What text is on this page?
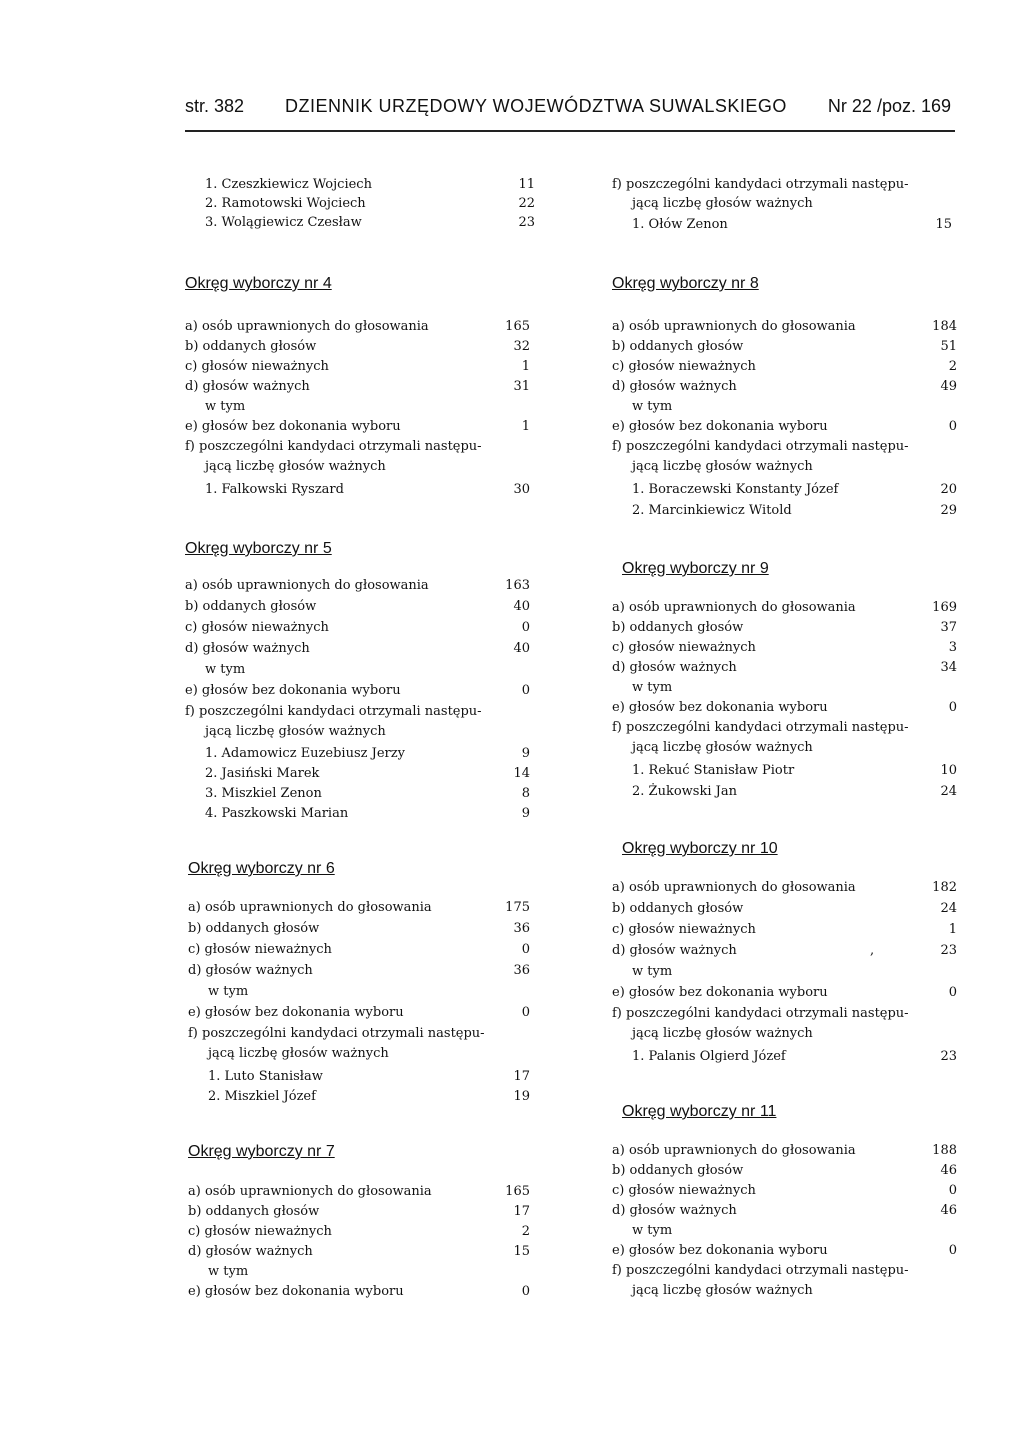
str. 382 DZIENNIK URZĘDOWY WOJEWÓDZTWA SUWALSKIEGO Nr 22 /poz. 169
1. Czeszkiewicz Wojciech	11
2. Ramotowski Wojciech	22
3. Wolągiewicz Czesław	23
f) poszczególni kandydaci otrzymali następu-
jącą liczbę głosów ważnych
1. Ołów Zenon	15
Okręg wyborczy nr 4
a) osób uprawnionych do głosowania	165
b) oddanych głosów	32
c) głosów nieważnych	1
d) głosów ważnych	31
w tym
e) głosów bez dokonania wyboru	1
f) poszczególni kandydaci otrzymali następu-
jącą liczbę głosów ważnych
1. Falkowski Ryszard	30
Okręg wyborczy nr 5
a) osób uprawnionych do głosowania	163
b) oddanych głosów	40
c) głosów nieważnych	0
d) głosów ważnych	40
w tym
e) głosów bez dokonania wyboru	0
f) poszczególni kandydaci otrzymali następu-
jącą liczbę głosów ważnych
1. Adamowicz Euzebiusz Jerzy	9
2. Jasiński Marek	14
3. Miszkiel Zenon	8
4. Paszkowski Marian	9
Okręg wyborczy nr 6
a) osób uprawnionych do głosowania	175
b) oddanych głosów	36
c) głosów nieważnych	0
d) głosów ważnych	36
w tym
e) głosów bez dokonania wyboru	0
f) poszczególni kandydaci otrzymali następu-
jącą liczbę głosów ważnych
1. Luto Stanisław	17
2. Miszkiel Józef	19
Okręg wyborczy nr 7
a) osób uprawnionych do głosowania	165
b) oddanych głosów	17
c) głosów nieważnych	2
d) głosów ważnych	15
w tym
e) głosów bez dokonania wyboru	0
Okręg wyborczy nr 8
a) osób uprawnionych do głosowania	184
b) oddanych głosów	51
c) głosów nieważnych	2
d) głosów ważnych	49
w tym
e) głosów bez dokonania wyboru	0
f) poszczególni kandydaci otrzymali następu-
jącą liczbę głosów ważnych
1. Boraczewski Konstanty Józef	20
2. Marcinkiewicz Witold	29
Okręg wyborczy nr 9
a) osób uprawnionych do głosowania	169
b) oddanych głosów	37
c) głosów nieważnych	3
d) głosów ważnych	34
w tym
e) głosów bez dokonania wyboru	0
f) poszczególni kandydaci otrzymali następu-
jącą liczbę głosów ważnych
1. Rekuć Stanisław Piotr	10
2. Żukowski Jan	24
Okręg wyborczy nr 10
a) osób uprawnionych do głosowania	182
b) oddanych głosów	24
c) głosów nieważnych	1
d) głosów ważnych	,	23
w tym
e) głosów bez dokonania wyboru	0
f) poszczególni kandydaci otrzymali następu-
jącą liczbę głosów ważnych
1. Palanis Olgierd Józef	23
Okręg wyborczy nr 11
a) osób uprawnionych do głosowania	188
b) oddanych głosów	46
c) głosów nieważnych	0
d) głosów ważnych	46
w tym
e) głosów bez dokonania wyboru	0
f) poszczególni kandydaci otrzymali następu-
jącą liczbę głosów ważnych
